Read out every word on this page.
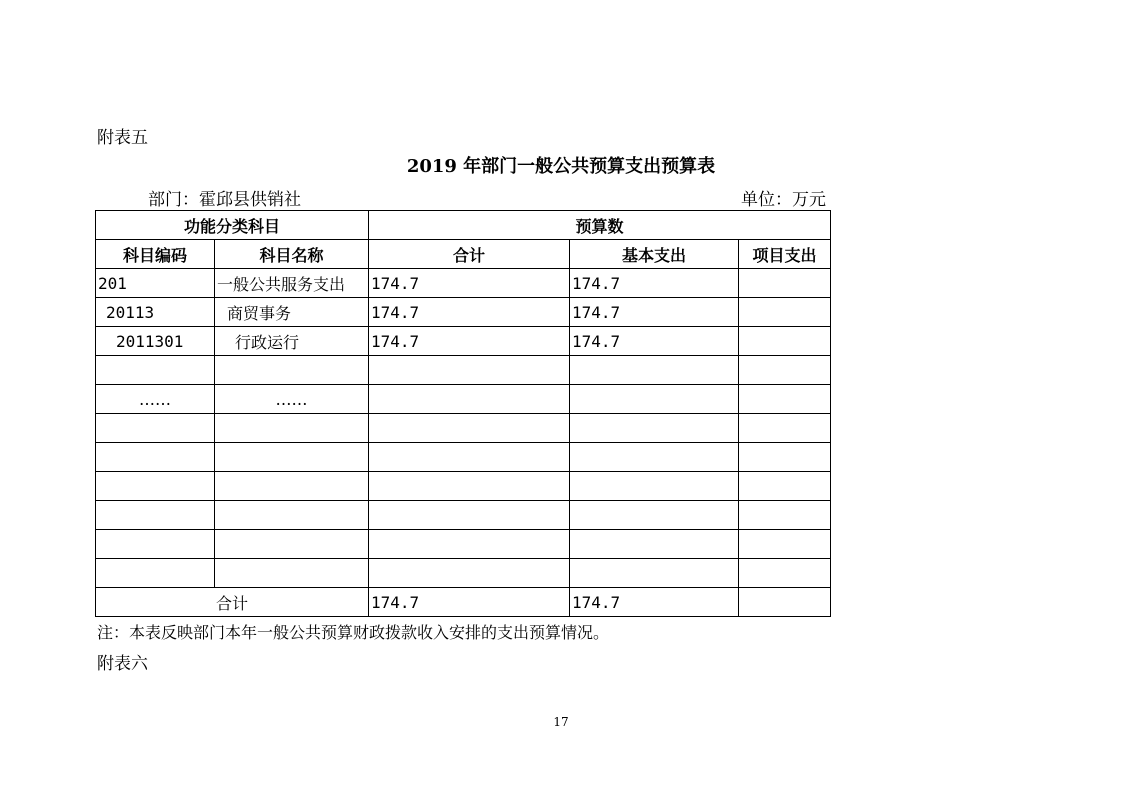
附表五
2019 年部门一般公共预算支出预算表
部门：霍邱县供销社	单位：万元
功能分类科目		预算数		
科目编码	科目名称	合计	基本支出	项目支出
201	一般公共服务支出	174.7	174.7	
20113	商贸事务	174.7	174.7	
2011301	行政运行	174.7	174.7	

……	……			

合计		174.7	174.7	
注：本表反映部门本年一般公共预算财政拨款收入安排的支出预算情况。
附表六
17
